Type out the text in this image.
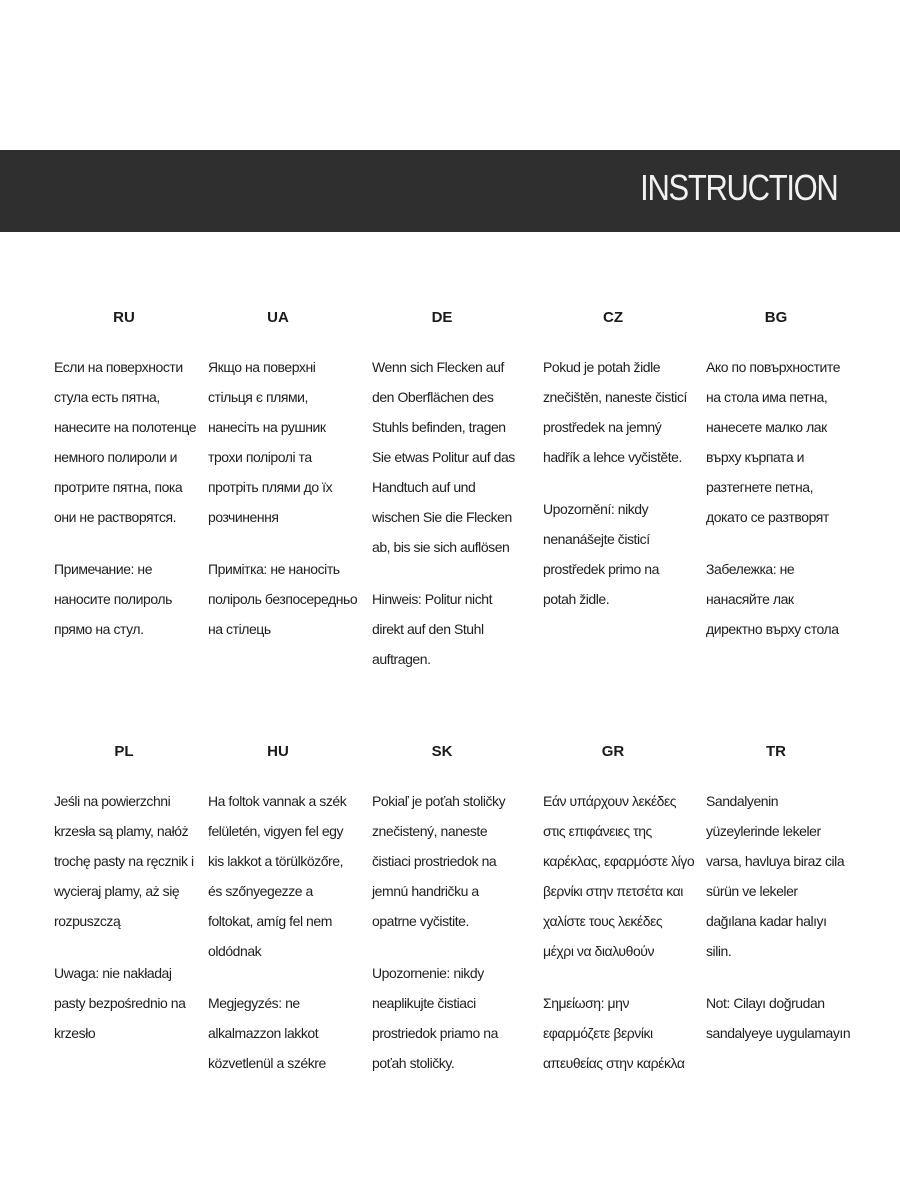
INSTRUCTION
RU

Если на поверхности стула есть пятна, нанесите на полотенце немного полироли и протрите пятна, пока они не растворятся.

Примечание: не наносите полироль прямо на стул.

UA

Якщо на поверхні стільця є плями, нанесіть на рушник трохи поліролі та протріть плями до їх розчинення

Примітка: не наносіть поліроль безпосередньо на стілець

DE

Wenn sich Flecken auf den Oberflächen des Stuhls befinden, tragen Sie etwas Politur auf das Handtuch auf und wischen Sie die Flecken ab, bis sie sich auflösen

Hinweis: Politur nicht direkt auf den Stuhl auftragen.

CZ

Pokud je potah židle znečištěn, naneste čisticí prostředek na jemný hadřík a lehce vyčistěte.

Upozornění: nikdy nenanášejte čisticí prostředek primo na potah židle.

BG

Ако по повърхностите на стола има петна, нанесете малко лак върху кърпата и разтегнете петна, докато се разтворят

Забележка: не нанасяйте лак директно върху стола

PL

Jeśli na powierzchni krzesła są plamy, nałóż trochę pasty na ręcznik i wycieraj plamy, aż się rozpuszczą

Uwaga: nie nakładaj pasty bezpośrednio na krzesło

HU

Ha foltok vannak a szék felületén, vigyen fel egy kis lakkot a törülközőre, és szőnyegezze a foltokat, amíg fel nem oldódnak

Megjegyzés: ne alkalmazzon lakkot közvetlenül a székre

SK

Pokiaľ je poťah stoličky znečistený, naneste čistiaci prostriedok na jemnú handričku a opatrne vyčistite.

Upozornenie: nikdy neaplikujte čistiaci prostriedok priamo na poťah stoličky.

GR

Εάν υπάρχουν λεκέδες στις επιφάνειες της καρέκλας, εφαρμόστε λίγο βερνίκι στην πετσέτα και χαλίστε τους λεκέδες μέχρι να διαλυθούν

Σημείωση: μην εφαρμόζετε βερνίκι απευθείας στην καρέκλα

TR

Sandalyenin yüzeylerinde lekeler varsa, havluya biraz cila sürün ve lekeler dağılana kadar halıyı silin.

Not: Cilayı doğrudan sandalyeye uygulamayın
